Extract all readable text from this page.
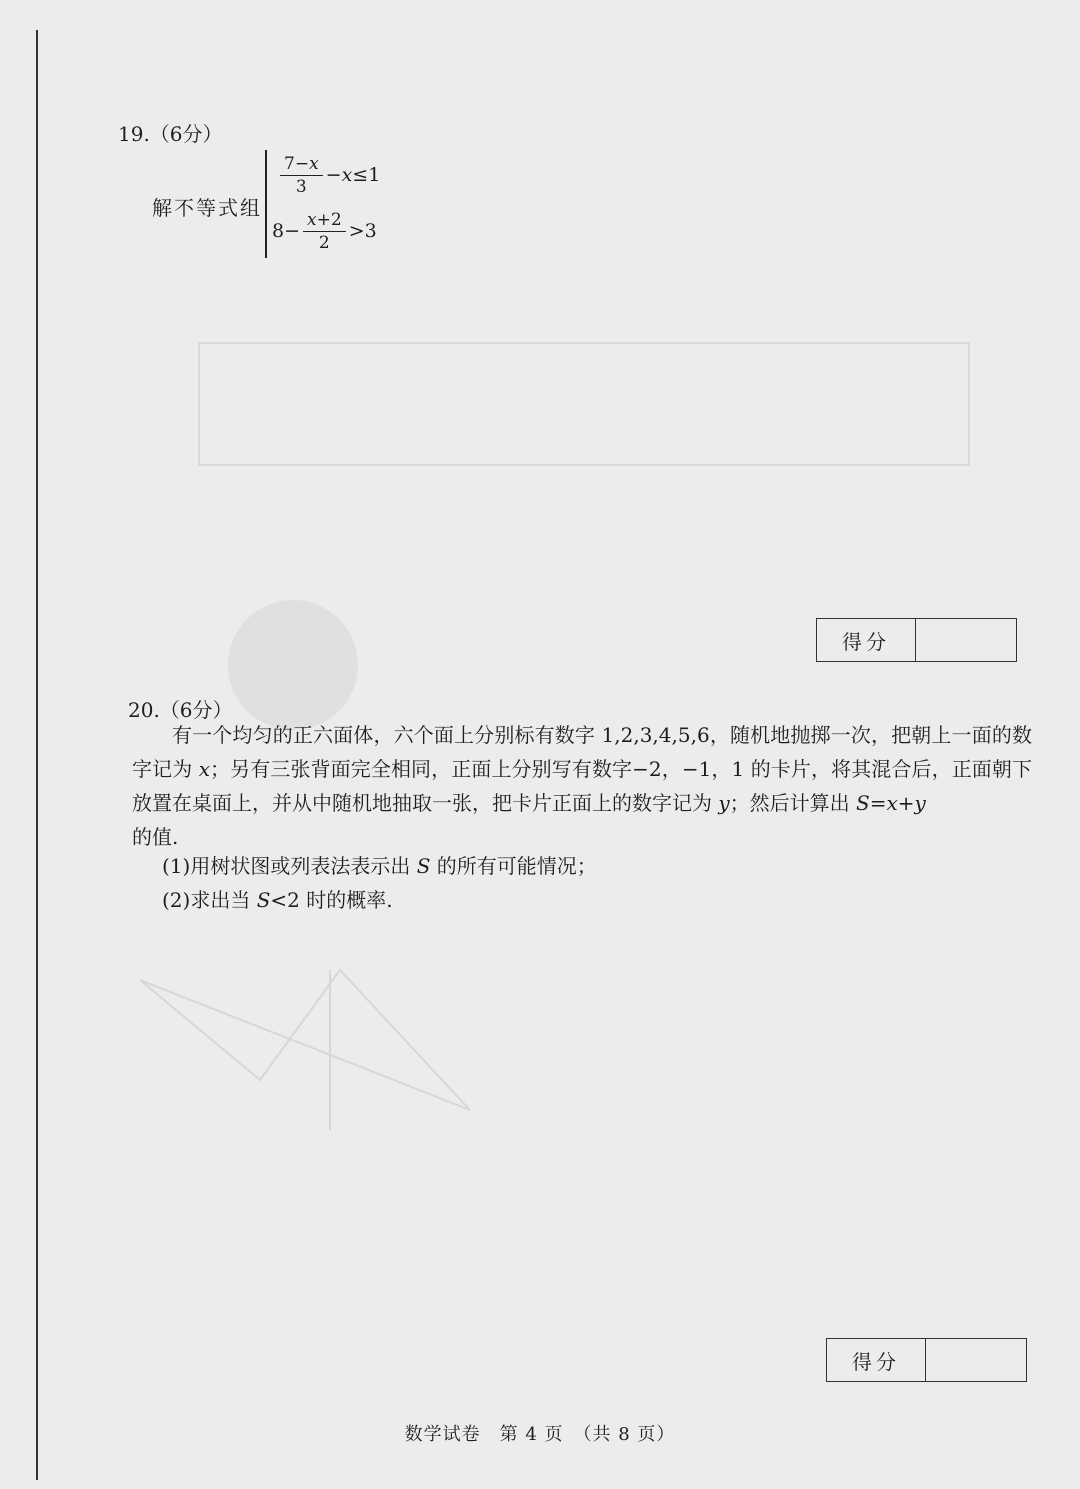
19.（6分）
解不等式组
$\frac{7-x}{3} - x \le 1$
$8- \frac{x+2}{2} >3$
得分
20.（6分）

有一个均匀的正六面体，六个面上分别标有数字 1,2,3,4,5,6，随机地抛掷一次，把朝上一面的数字记为 x；另有三张背面完全相同，正面上分别写有数字−2，−1，1 的卡片，将其混合后，正面朝下放置在桌面上，并从中随机地抽取一张，把卡片正面上的数字记为 y；然后计算出 S=x+y
的值.

(1)用树状图或列表法表示出 S 的所有可能情况；
(2)求出当 S<2 时的概率.
得分
数学试卷　第 4 页　（共 8 页）
